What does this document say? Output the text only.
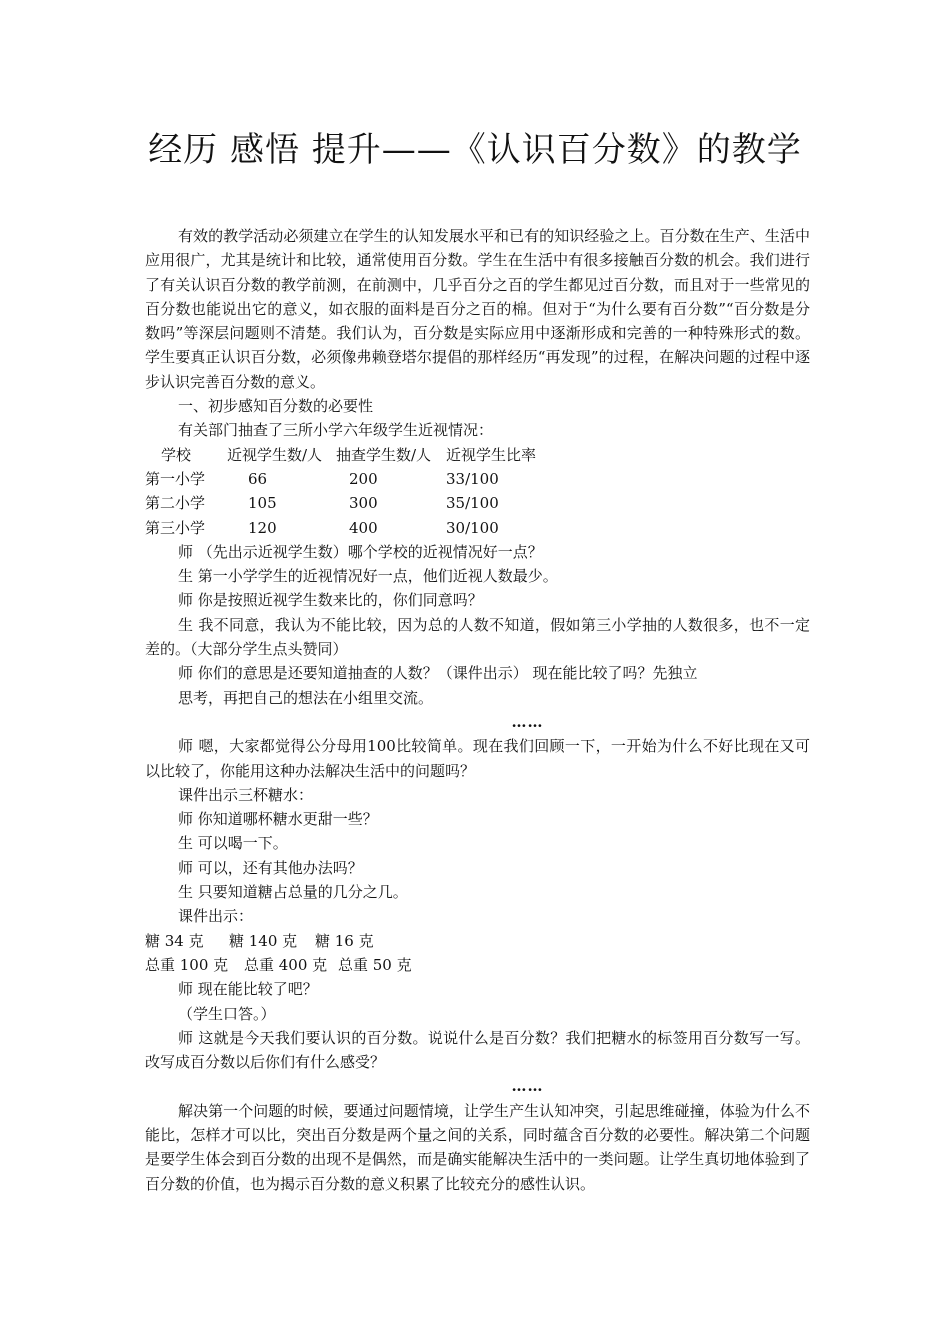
经历 感悟 提升——《认识百分数》的教学

有效的教学活动必须建立在学生的认知发展水平和已有的知识经验之上。百分数在生产、生活中应用很广，尤其是统计和比较，通常使用百分数。学生在生活中有很多接触百分数的机会。我们进行了有关认识百分数的教学前测，在前测中，几乎百分之百的学生都见过百分数，而且对于一些常见的百分数也能说出它的意义，如衣服的面料是百分之百的棉。但对于“为什么要有百分数”“百分数是分数吗”等深层问题则不清楚。我们认为，百分数是实际应用中逐渐形成和完善的一种特殊形式的数。学生要真正认识百分数，必须像弗赖登塔尔提倡的那样经历“再发现”的过程，在解决问题的过程中逐步认识完善百分数的意义。

一、初步感知百分数的必要性

有关部门抽查了三所小学六年级学生近视情况：

学校	近视学生数/人 抽查学生数/人 近视学生比率
第一小学	66	200	33/100
第二小学	105	300	35/100
第三小学	120	400	30/100

师 （先出示近视学生数）哪个学校的近视情况好一点？

生 第一小学学生的近视情况好一点，他们近视人数最少。

师 你是按照近视学生数来比的，你们同意吗？

生 我不同意，我认为不能比较，因为总的人数不知道，假如第三小学抽的人数很多，也不一定差的。（大部分学生点头赞同）

师 你们的意思是还要知道抽查的人数？（课件出示） 现在能比较了吗？先独立

思考，再把自己的想法在小组里交流。

……

师 嗯，大家都觉得公分母用100比较简单。现在我们回顾一下，一开始为什么不好比现在又可以比较了，你能用这种办法解决生活中的问题吗？

课件出示三杯糖水：

师 你知道哪杯糖水更甜一些？

生 可以喝一下。

师 可以，还有其他办法吗？

生 只要知道糖占总量的几分之几。

课件出示：

糖 34 克	糖 140 克	糖 16 克
总重 100 克	总重 400 克 总重 50 克

师 现在能比较了吧？

（学生口答。）

师 这就是今天我们要认识的百分数。说说什么是百分数？我们把糖水的标签用百分数写一写。改写成百分数以后你们有什么感受？

……

解决第一个问题的时候，要通过问题情境，让学生产生认知冲突，引起思维碰撞，体验为什么不能比，怎样才可以比，突出百分数是两个量之间的关系，同时蕴含百分数的必要性。解决第二个问题是要学生体会到百分数的出现不是偶然，而是确实能解决生活中的一类问题。让学生真切地体验到了百分数的价值，也为揭示百分数的意义积累了比较充分的感性认识。
